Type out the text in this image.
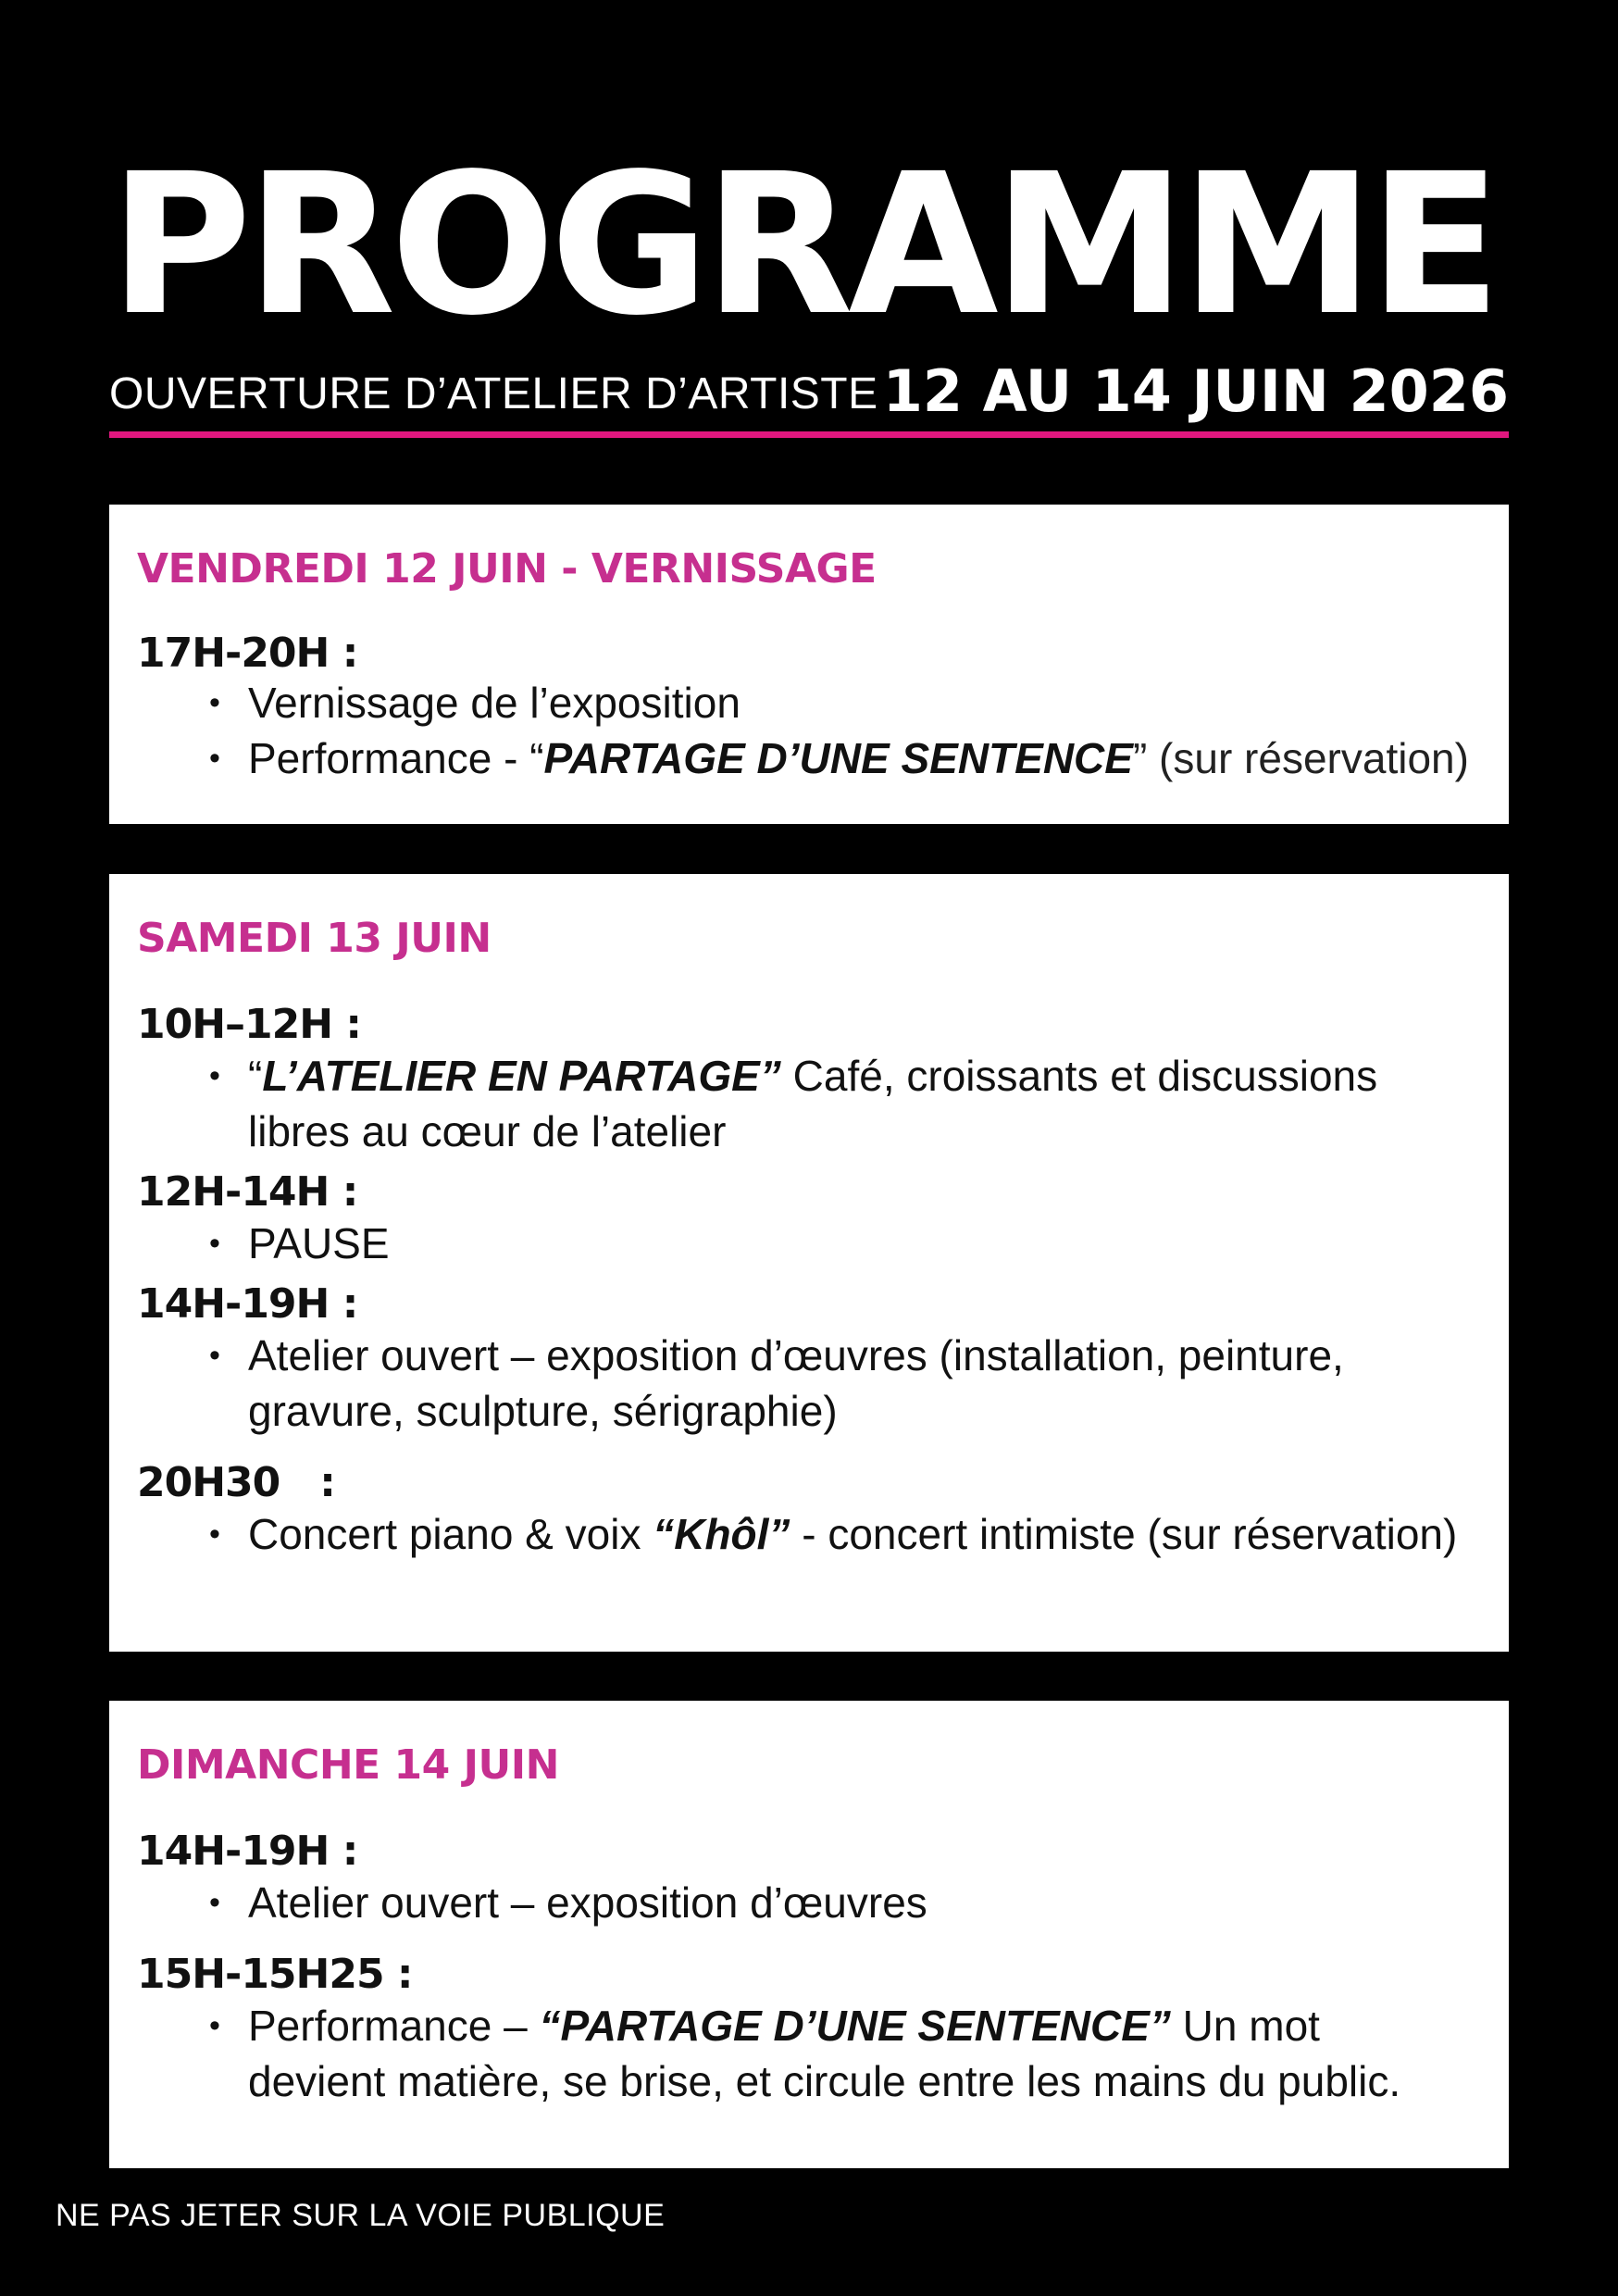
PROGRAMME
OUVERTURE D’ATELIER D’ARTISTE 12 AU 14 JUIN 2026
VENDREDI 12 JUIN - VERNISSAGE
17H-20H :
• Vernissage de l’exposition
• Performance - “PARTAGE D’UNE SENTENCE” (sur réservation)
SAMEDI 13 JUIN
10H–12H :
• “L’ATELIER EN PARTAGE” Café, croissants et discussions libres au cœur de l’atelier
12H-14H :
• PAUSE
14H-19H :
• Atelier ouvert – exposition d’œuvres (installation, peinture, gravure, sculpture, sérigraphie)
20H30   :
• Concert piano & voix “Khôl” - concert intimiste (sur réservation)
DIMANCHE 14 JUIN
14H-19H :
• Atelier ouvert – exposition d’œuvres
15H-15H25 :
• Performance – “PARTAGE D’UNE SENTENCE” Un mot devient matière, se brise, et circule entre les mains du public.
NE PAS JETER SUR LA VOIE PUBLIQUE
